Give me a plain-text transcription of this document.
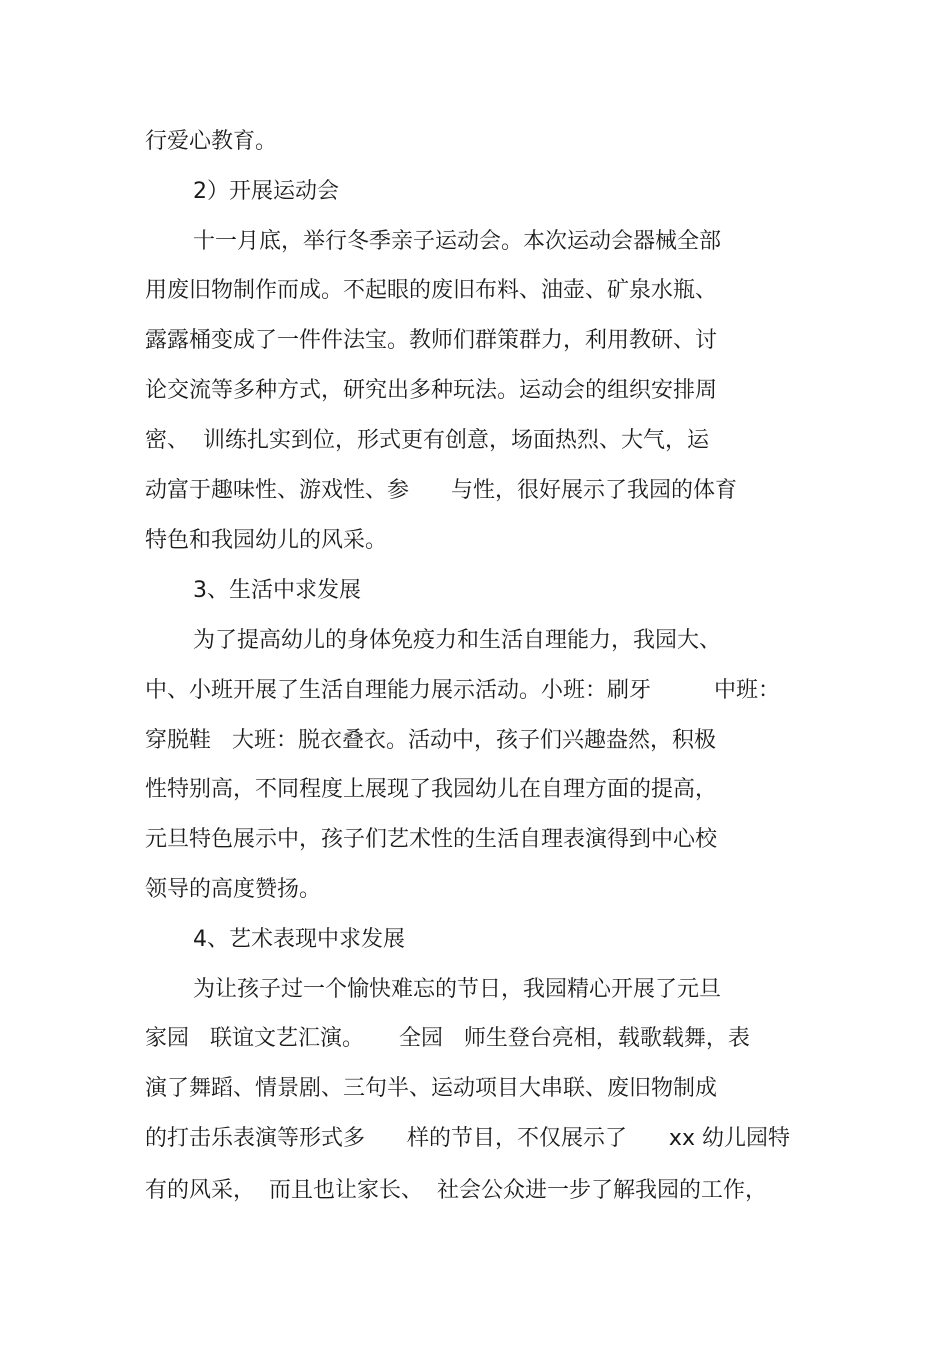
行爱心教育。
2）开展运动会
十一月底，举行冬季亲子运动会。本次运动会器械全部
用废旧物制作而成。不起眼的废旧布料、油壶、矿泉水瓶、
露露桶变成了一件件法宝。教师们群策群力，利用教研、讨
论交流等多种方式，研究出多种玩法。运动会的组织安排周
密、  训练扎实到位，形式更有创意，场面热烈、大气，运
动富于趣味性、游戏性、参      与性，很好展示了我园的体育
特色和我园幼儿的风采。
3、生活中求发展
为了提高幼儿的身体免疫力和生活自理能力，我园大、
中、小班开展了生活自理能力展示活动。小班：刷牙         中班：
穿脱鞋   大班：脱衣叠衣。活动中，孩子们兴趣盎然，积极
性特别高，不同程度上展现了我园幼儿在自理方面的提高，
元旦特色展示中，孩子们艺术性的生活自理表演得到中心校
领导的高度赞扬。
4、艺术表现中求发展
为让孩子过一个愉快难忘的节日，我园精心开展了元旦
家园   联谊文艺汇演。     全园   师生登台亮相，载歌载舞，表
演了舞蹈、情景剧、三句半、运动项目大串联、废旧物制成
的打击乐表演等形式多      样的节目，不仅展示了      xx 幼儿园特
有的风采，  而且也让家长、  社会公众进一步了解我园的工作，
